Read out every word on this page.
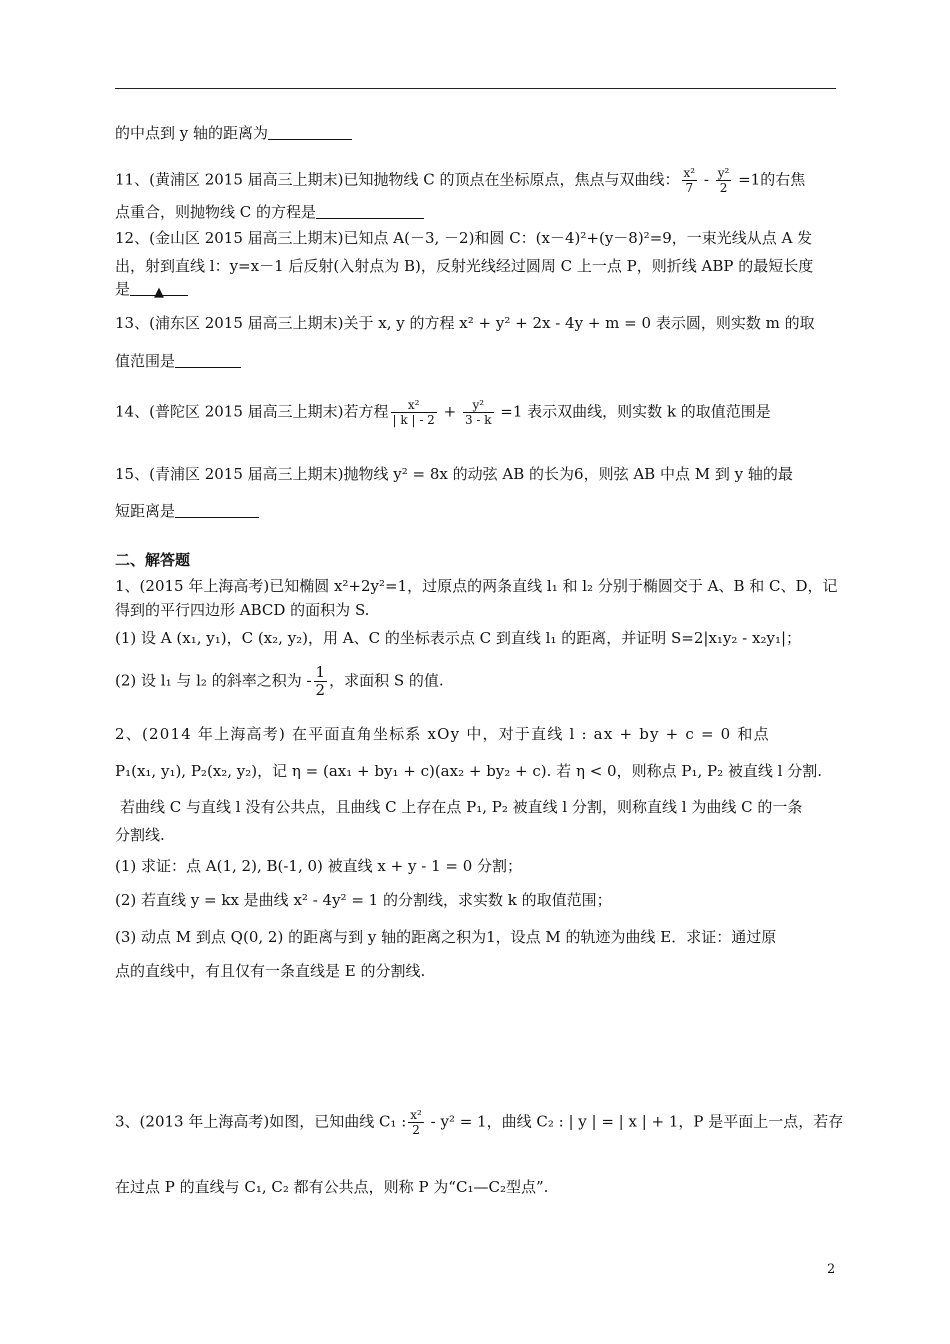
的中点到 y 轴的距离为
11、(黄浦区 2015 届高三上期末)已知抛物线 C 的顶点在坐标原点，焦点与双曲线： $\frac{\text{x²}}{7} - \frac{\text{y²}}{2} =1$的右焦
点重合，则抛物线 C 的方程是
12、(金山区 2015 届高三上期末)已知点 A(－3, －2)和圆 C：(x－4)²+(y－8)²=9，一束光线从点 A 发
出，射到直线 l：y=x－1 后反射(入射点为 B)，反射光线经过圆周 C 上一点 P，则折线 ABP 的最短长度
是 ▲
13、(浦东区 2015 届高三上期末)关于 x, y 的方程 x² + y² + 2x - 4y + m = 0 表示圆，则实数 m 的取
值范围是
14、(普陀区 2015 届高三上期末)若方程 $\frac{\text{x²}}{| k | - 2} + \frac{\text{y²}}{3 - k} =1$ 表示双曲线，则实数 k 的取值范围是
15、(青浦区 2015 届高三上期末)抛物线 y² = 8x 的动弦 AB 的长为6，则弦 AB 中点 M 到 y 轴的最
短距离是
二、解答题
1、(2015 年上海高考)已知椭圆 x²+2y²=1，过原点的两条直线 l₁ 和 l₂ 分别于椭圆交于 A、B 和 C、D，记
得到的平行四边形 ABCD 的面积为 S.
(1) 设 A (x₁, y₁)，C (x₂, y₂)，用 A、C 的坐标表示点 C 到直线 l₁ 的距离，并证明 S=2|x₁y₂ - x₂y₁|；
(2) 设 l₁ 与 l₂ 的斜率之积为 - $\frac{1}{2}$ ，求面积 S 的值.
2、(2014 年上海高考) 在平面直角坐标系 xOy 中，对于直线 l : ax + by + c = 0 和点
P₁(x₁, y₁), P₂(x₂, y₂)，记 η = (ax₁ + by₁ + c)(ax₂ + by₂ + c). 若 η < 0，则称点 P₁, P₂ 被直线 l 分割.
若曲线 C 与直线 l 没有公共点，且曲线 C 上存在点 P₁, P₂ 被直线 l 分割，则称直线 l 为曲线 C 的一条
分割线.
(1) 求证：点 A(1, 2), B(-1, 0) 被直线 x + y - 1 = 0 分割；
(2) 若直线 y = kx 是曲线 x² - 4y² = 1 的分割线，求实数 k 的取值范围；
(3) 动点 M 到点 Q(0, 2) 的距离与到 y 轴的距离之积为1，设点 M 的轨迹为曲线 E．求证：通过原
点的直线中，有且仅有一条直线是 E 的分割线.
3、(2013 年上海高考)如图，已知曲线 C₁ : $\frac{\text{x²}}{2} - y^2 = 1$，曲线 C₂ : | y | = | x | + 1，P 是平面上一点，若存
在过点 P 的直线与 C₁, C₂ 都有公共点，则称 P 为“C₁—C₂型点”.
2
